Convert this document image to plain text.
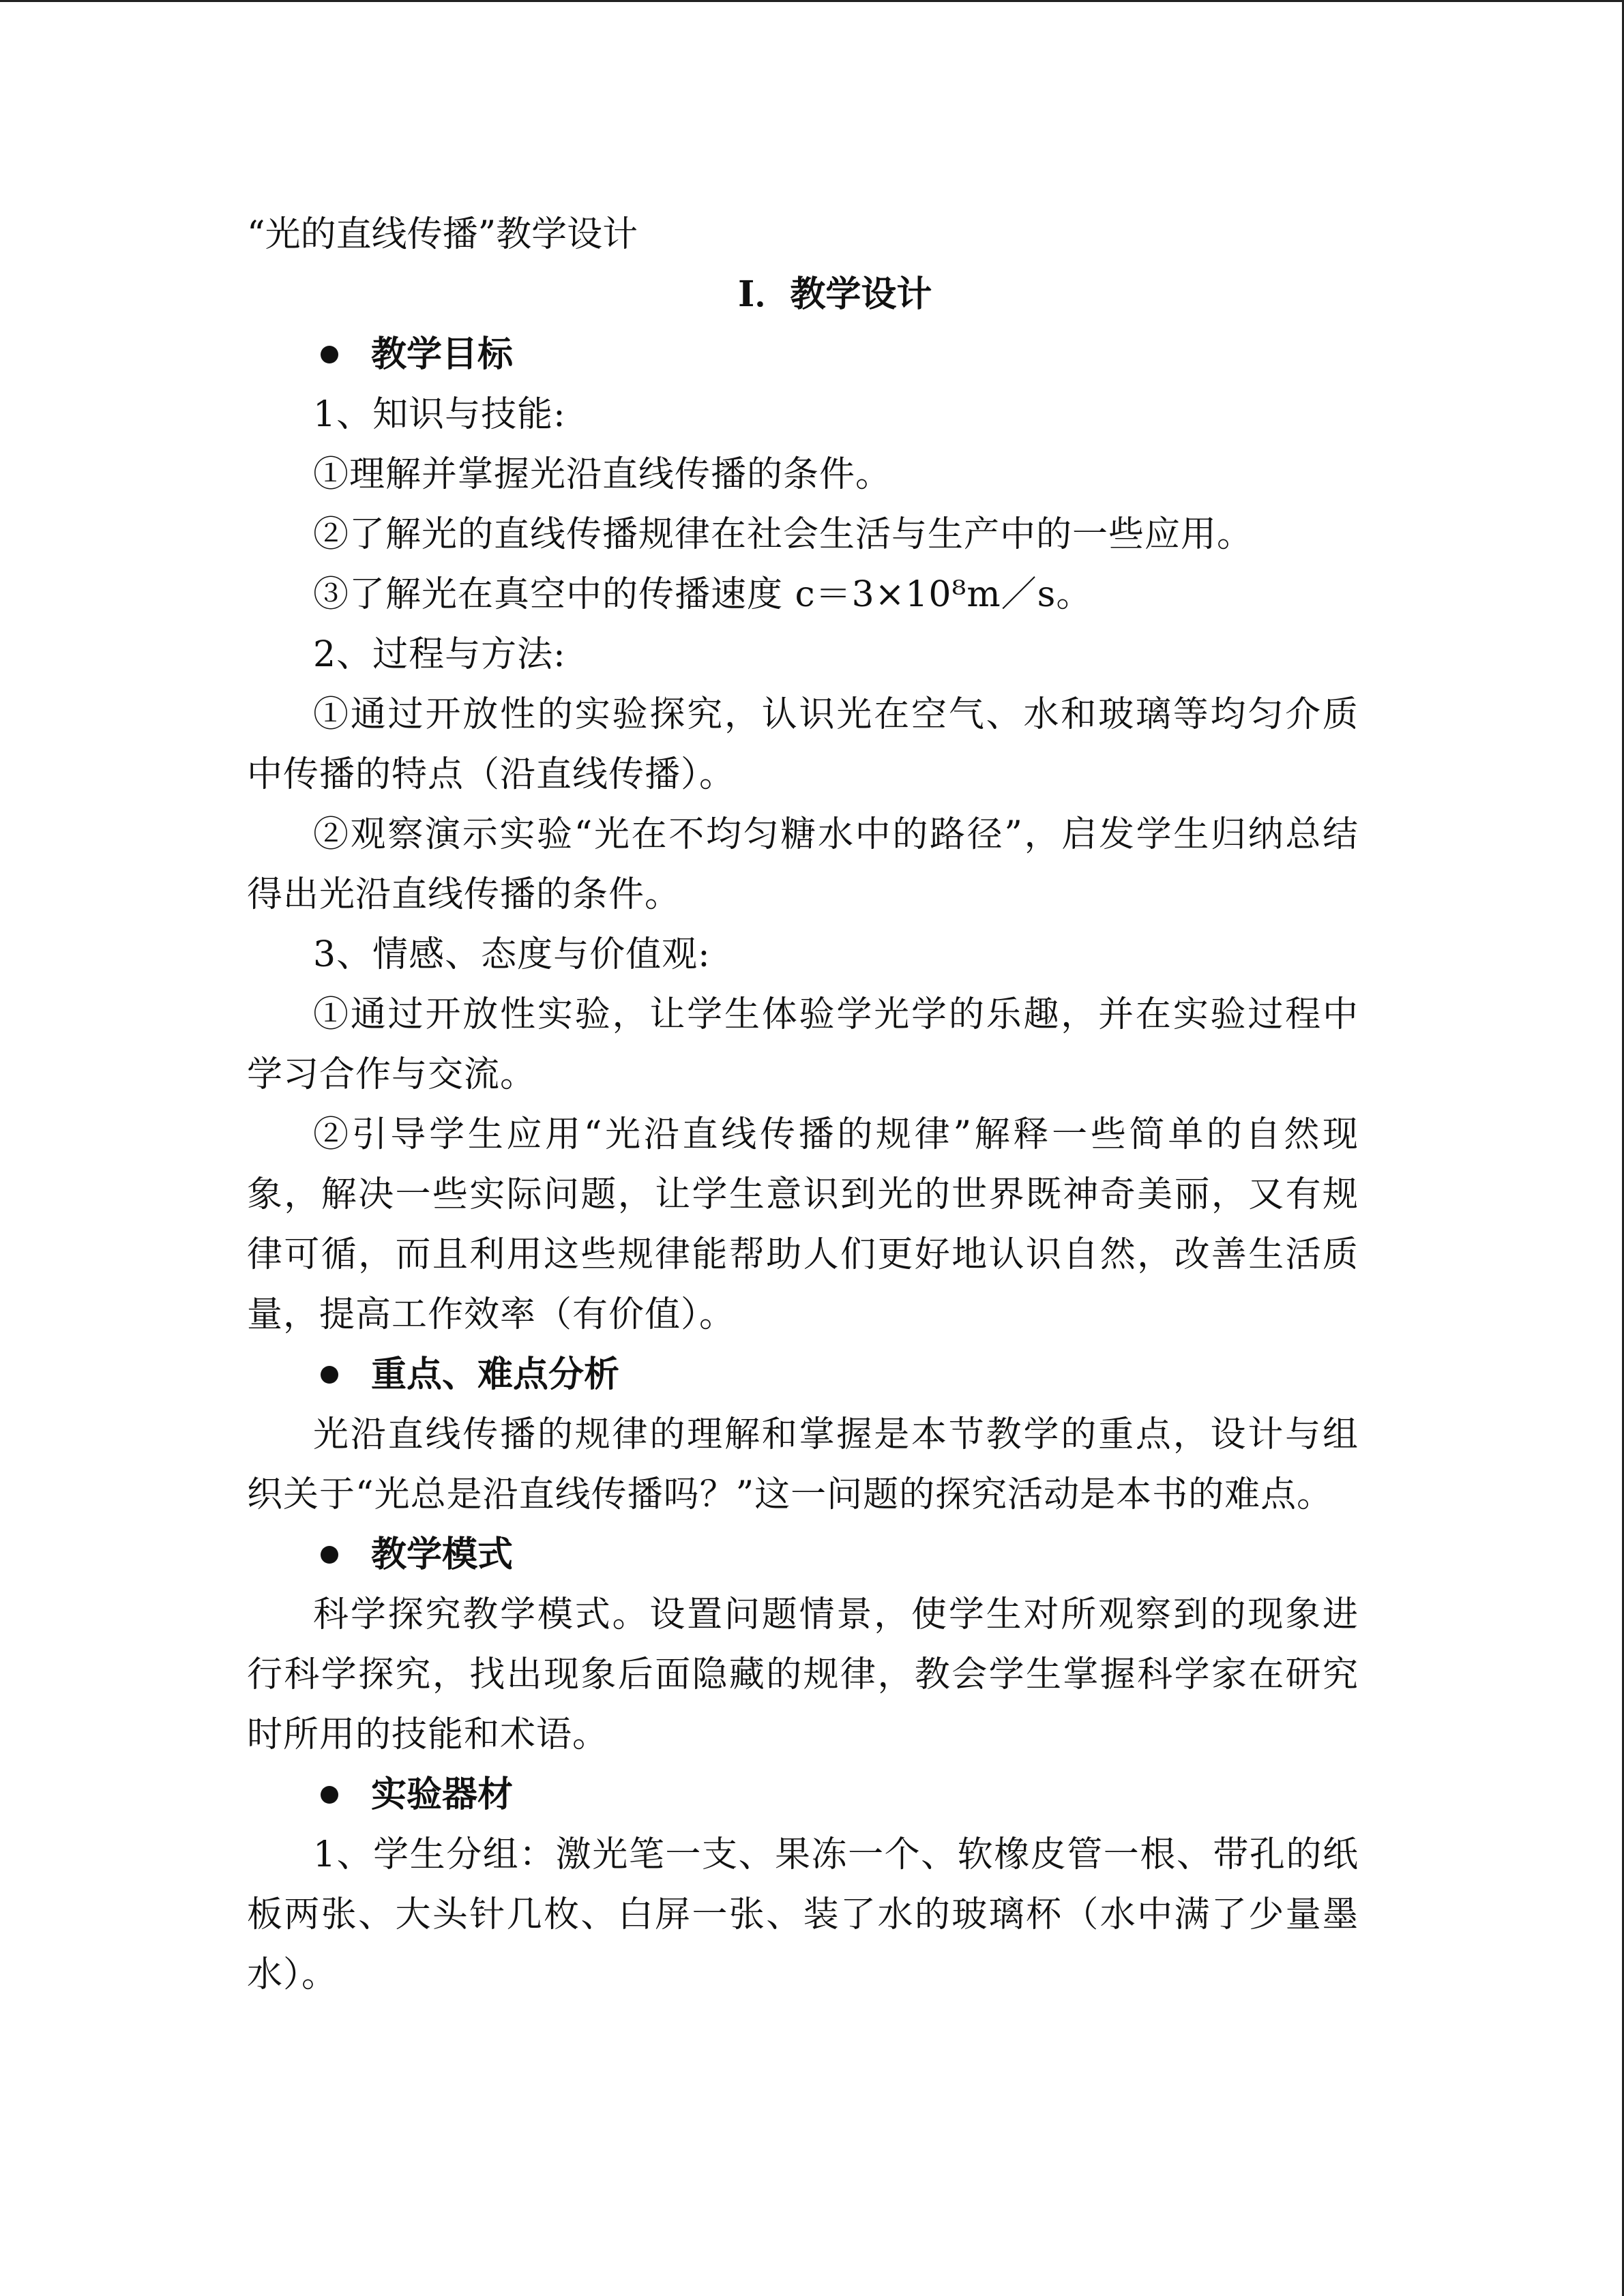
“光的直线传播”教学设计

Ⅰ．教学设计

教学目标

1、知识与技能:

①理解并掌握光沿直线传播的条件。

②了解光的直线传播规律在社会生活与生产中的一些应用。

③了解光在真空中的传播速度 c＝3×10⁸m／s。

2、过程与方法:

①通过开放性的实验探究，认识光在空气、水和玻璃等均匀介质中传播的特点（沿直线传播）。

②观察演示实验“光在不均匀糖水中的路径”，启发学生归纳总结得出光沿直线传播的条件。

3、情感、态度与价值观:

①通过开放性实验，让学生体验学光学的乐趣，并在实验过程中学习合作与交流。

②引导学生应用“光沿直线传播的规律”解释一些简单的自然现象，解决一些实际问题，让学生意识到光的世界既神奇美丽，又有规律可循，而且利用这些规律能帮助人们更好地认识自然，改善生活质量，提高工作效率（有价值）。

重点、难点分析

光沿直线传播的规律的理解和掌握是本节教学的重点，设计与组织关于“光总是沿直线传播吗？”这一问题的探究活动是本书的难点。

教学模式

科学探究教学模式。设置问题情景，使学生对所观察到的现象进行科学探究，找出现象后面隐藏的规律，教会学生掌握科学家在研究时所用的技能和术语。

实验器材

1、学生分组：激光笔一支、果冻一个、软橡皮管一根、带孔的纸板两张、大头针几枚、白屏一张、装了水的玻璃杯（水中满了少量墨水）。
